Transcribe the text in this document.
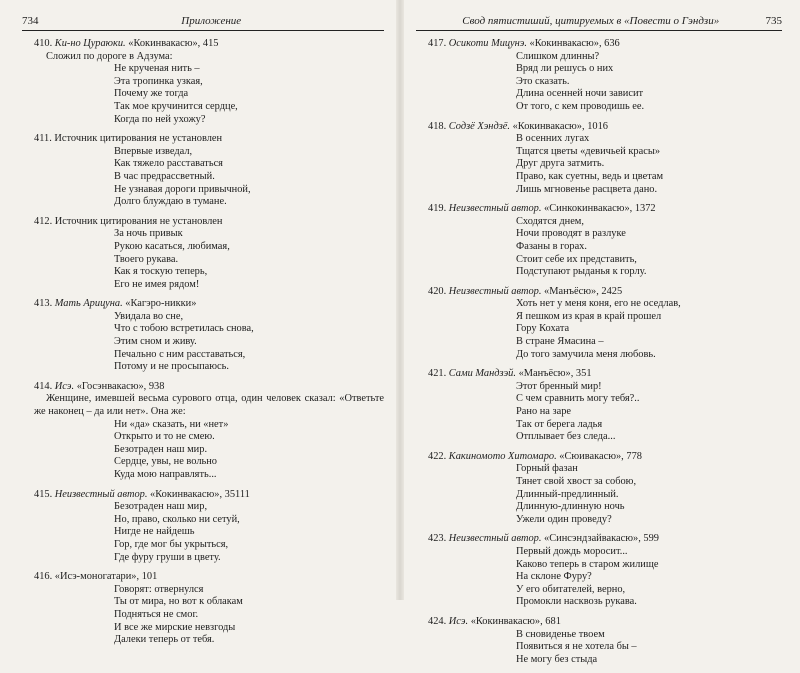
734	Приложение
410. Ки-но Цураюки. «Кокинвакасю», 415
Сложил по дороге в Адзума:
Не крученая нить –
Эта тропинка узкая,
Почему же тогда
Так мое кручинится сердце,
Когда по ней ухожу?
411. Источник цитирования не установлен
Впервые изведал,
Как тяжело расставаться
В час предрассветный.
Не узнавая дороги привычной,
Долго блуждаю в тумане.
412. Источник цитирования не установлен
За ночь привык
Рукою касаться, любимая,
Твоего рукава.
Как я тоскую теперь,
Его не имея рядом!
413. Мать Арицуна. «Кагэро-никки»
Увидала во сне,
Что с тобою встретилась снова,
Этим сном и живу.
Печально с ним расставаться,
Потому и не просыпаюсь.
414. Исэ. «Госэнвакасю», 938
Женщине, имевшей весьма сурового отца, один человек сказал: «Ответьте же наконец – да или нет». Она же:
Ни «да» сказать, ни «нет»
Открыто и то не смею.
Безотраден наш мир.
Сердце, увы, не вольно
Куда мою направлять...
415. Неизвестный автор. «Кокинвакасю», 35111
Безотраден наш мир,
Но, право, сколько ни сетуй,
Нигде не найдешь
Гор, где мог бы укрыться,
Где фуру груши в цвету.
416. «Исэ-моногатари», 101
Говорят: отвернулся
Ты от мира, но вот к облакам
Подняться не смог.
И все же мирские невзгоды
Далеки теперь от тебя.
Свод пятистиший, цитируемых в «Повести о Гэндзи»	735
417. Осикоти Мицунэ. «Кокинвакасю», 636
Слишком длинны?
Вряд ли решусь о них
Это сказать.
Длина осенней ночи зависит
От того, с кем проводишь ее.
418. Содзё Хэндзё. «Кокинвакасю», 1016
В осенних лугах
Тщатся цветы «девичьей красы»
Друг друга затмить.
Право, как суетны, ведь и цветам
Лишь мгновенье расцвета дано.
419. Неизвестный автор. «Синкокинвакасю», 1372
Сходятся днем,
Ночи проводят в разлуке
Фазаны в горах.
Стоит себе их представить,
Подступают рыданья к горлу.
420. Неизвестный автор. «Манъёсю», 2425
Хоть нет у меня коня, его не оседлав,
Я пешком из края в край прошел
Гору Кохата
В стране Ямасина –
До того замучила меня любовь.
421. Сами Мандзэй. «Манъёсю», 351
Этот бренный мир!
С чем сравнить могу тебя?..
Рано на заре
Так от берега ладья
Отплывает без следа...
422. Какиномото Хитомаро. «Сюивакасю», 778
Горный фазан
Тянет свой хвост за собою,
Длинный-предлинный.
Длинную-длинную ночь
Ужели один проведу?
423. Неизвестный автор. «Синсэндзайвакасю», 599
Первый дождь моросит...
Каково теперь в старом жилище
На склоне Фуру?
У его обитателей, верно,
Промокли насквозь рукава.
424. Исэ. «Кокинвакасю», 681
В сновиденье твоем
Появиться я не хотела бы –
Не могу без стыда
